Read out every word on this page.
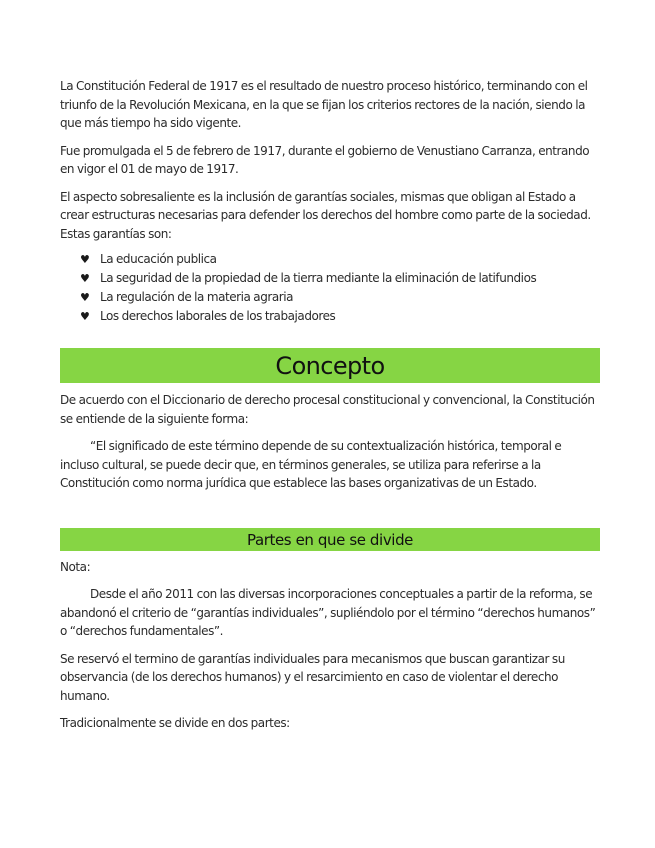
La Constitución Federal de 1917 es el resultado de nuestro proceso histórico, terminando con el triunfo de la Revolución Mexicana, en la que se fijan los criterios rectores de la nación, siendo la que más tiempo ha sido vigente.

Fue promulgada el 5 de febrero de 1917, durante el gobierno de Venustiano Carranza, entrando en vigor el 01 de mayo de 1917.

El aspecto sobresaliente es la inclusión de garantías sociales, mismas que obligan al Estado a crear estructuras necesarias para defender los derechos del hombre como parte de la sociedad. Estas garantías son:

♥ La educación publica
♥ La seguridad de la propiedad de la tierra mediante la eliminación de latifundios
♥ La regulación de la materia agraria
♥ Los derechos laborales de los trabajadores
Concepto

De acuerdo con el Diccionario de derecho procesal constitucional y convencional, la Constitución se entiende de la siguiente forma:

“El significado de este término depende de su contextualización histórica, temporal e incluso cultural, se puede decir que, en términos generales, se utiliza para referirse a la Constitución como norma jurídica que establece las bases organizativas de un Estado.

Partes en que se divide

Nota:

Desde el año 2011 con las diversas incorporaciones conceptuales a partir de la reforma, se abandonó el criterio de “garantías individuales”, supliéndolo por el término “derechos humanos” o “derechos fundamentales”.

Se reservó el termino de garantías individuales para mecanismos que buscan garantizar su observancia (de los derechos humanos) y el resarcimiento en caso de violentar el derecho humano.

Tradicionalmente se divide en dos partes:
